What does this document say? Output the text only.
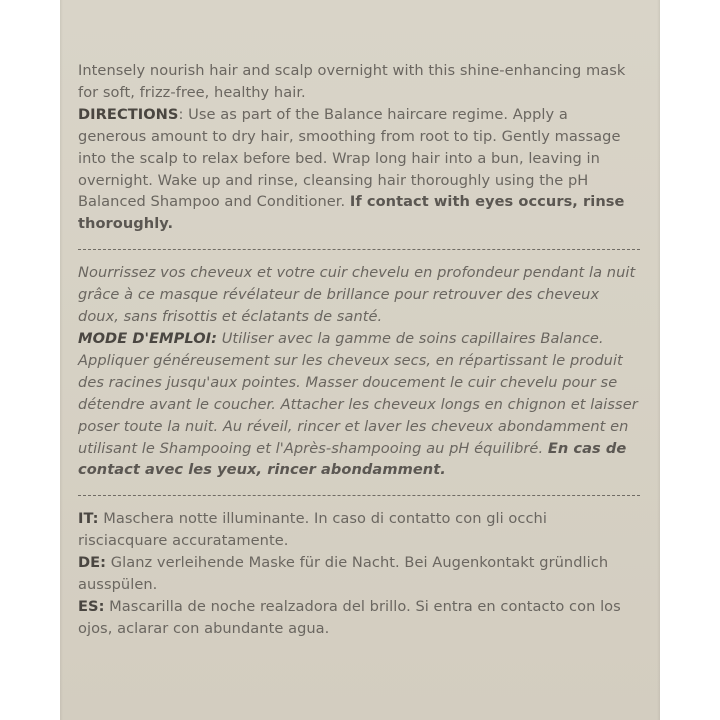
Intensely nourish hair and scalp overnight with this shine-enhancing mask for soft, frizz-free, healthy hair.
DIRECTIONS: Use as part of the Balance haircare regime. Apply a generous amount to dry hair, smoothing from root to tip. Gently massage into the scalp to relax before bed. Wrap long hair into a bun, leaving in overnight. Wake up and rinse, cleansing hair thoroughly using the pH Balanced Shampoo and Conditioner. If contact with eyes occurs, rinse thoroughly.

Nourrissez vos cheveux et votre cuir chevelu en profondeur pendant la nuit grâce à ce masque révélateur de brillance pour retrouver des cheveux doux, sans frisottis et éclatants de santé.
MODE D'EMPLOI: Utiliser avec la gamme de soins capillaires Balance. Appliquer généreusement sur les cheveux secs, en répartissant le produit des racines jusqu'aux pointes. Masser doucement le cuir chevelu pour se détendre avant le coucher. Attacher les cheveux longs en chignon et laisser poser toute la nuit. Au réveil, rincer et laver les cheveux abondamment en utilisant le Shampooing et l'Après-shampooing au pH équilibré. En cas de contact avec les yeux, rincer abondamment.

IT: Maschera notte illuminante. In caso di contatto con gli occhi risciacquare accuratamente.

DE: Glanz verleihende Maske für die Nacht. Bei Augenkontakt gründlich ausspülen.

ES: Mascarilla de noche realzadora del brillo. Si entra en contacto con los ojos, aclarar con abundante agua.
